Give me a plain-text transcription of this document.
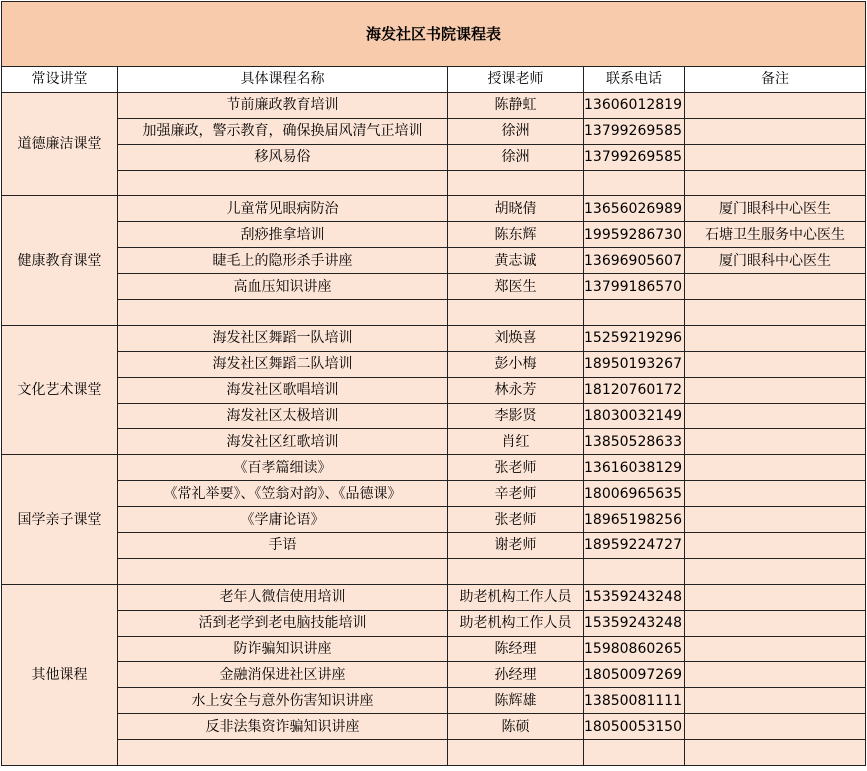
海发社区书院课程表				
常设讲堂	具体课程名称	授课老师	联系电话	备注
道德廉洁课堂	节前廉政教育培训	陈静虹	13606012819	
	加强廉政，警示教育，确保换届风清气正培训	徐洲	13799269585	
	移风易俗	徐洲	13799269585	

健康教育课堂	儿童常见眼病防治	胡晓倩	13656026989	厦门眼科中心医生
	刮痧推拿培训	陈东辉	19959286730	石塘卫生服务中心医生
	睫毛上的隐形杀手讲座	黄志诚	13696905607	厦门眼科中心医生
	高血压知识讲座	郑医生	13799186570	

文化艺术课堂	海发社区舞蹈一队培训	刘焕喜	15259219296	
	海发社区舞蹈二队培训	彭小梅	18950193267	
	海发社区歌唱培训	林永芳	18120760172	
	海发社区太极培训	李影贤	18030032149	
	海发社区红歌培训	肖红	13850528633	
国学亲子课堂	《百孝篇细读》	张老师	13616038129	
	《常礼举要》、《笠翁对韵》、《品德课》	辛老师	18006965635	
	《学庸论语》	张老师	18965198256	
	手语	谢老师	18959224727	

其他课程	老年人微信使用培训	助老机构工作人员	15359243248	
	活到老学到老电脑技能培训	助老机构工作人员	15359243248	
	防诈骗知识讲座	陈经理	15980860265	
	金融消保进社区讲座	孙经理	18050097269	
	水上安全与意外伤害知识讲座	陈辉雄	13850081111	
	反非法集资诈骗知识讲座	陈硕	18050053150	
